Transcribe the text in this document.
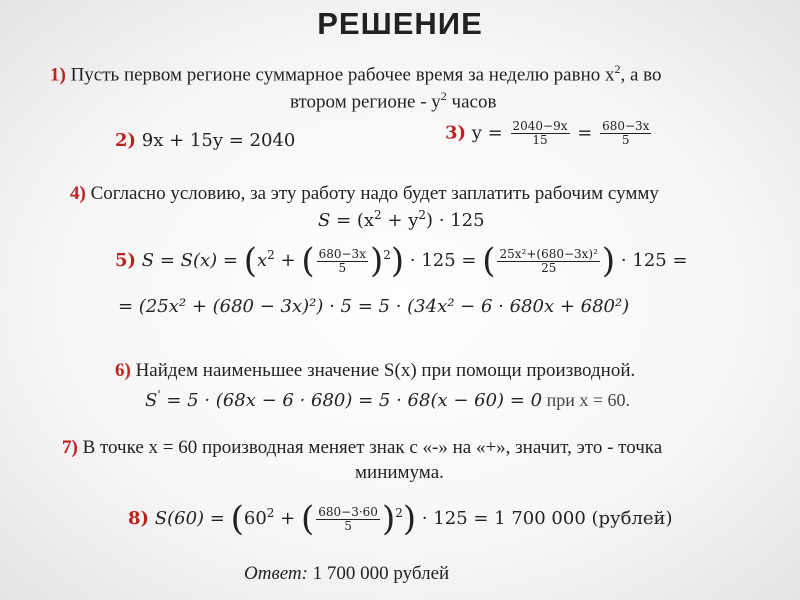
РЕШЕНИЕ
1) Пусть первом регионе суммарное рабочее время за неделю равно $x^2$, а во
втором регионе - $y^2$ часов
2) 9x + 15y = 2040	3) $y = \frac{2040-9x}{15} = \frac{680-3x}{5}$
4) Согласно условию, за эту работу надо будет заплатить рабочим сумму
$S = (x^2 + y^2) \cdot 125$
5) $S = S(x) = (x^2$ + ( $\frac{680-3x}{5} )^2) \cdot 125$ = ( $\frac{\text{25x²+(680−3x)²}}{25}$ ) · 125 =
= (25x² + (680 − 3x)²) · 5 = 5 · (34x² − 6 · 680x + 680²)
6) Найдем наименьшее значение S(x) при помощи производной.
S' = 5 · (68x − 6 · 680) = 5 · 68(x − 60) = 0 при x = 60.
7) В точке x = 60 производная меняет знак с «-» на «+», значит, это - точка
минимума.
8) $S(60) = (60^2$ + ( $\frac{680-3\cdot 60}{5} )^2) \cdot 125 = 1$ 700 000 (рублей)
Ответ: 1 700 000 рублей
